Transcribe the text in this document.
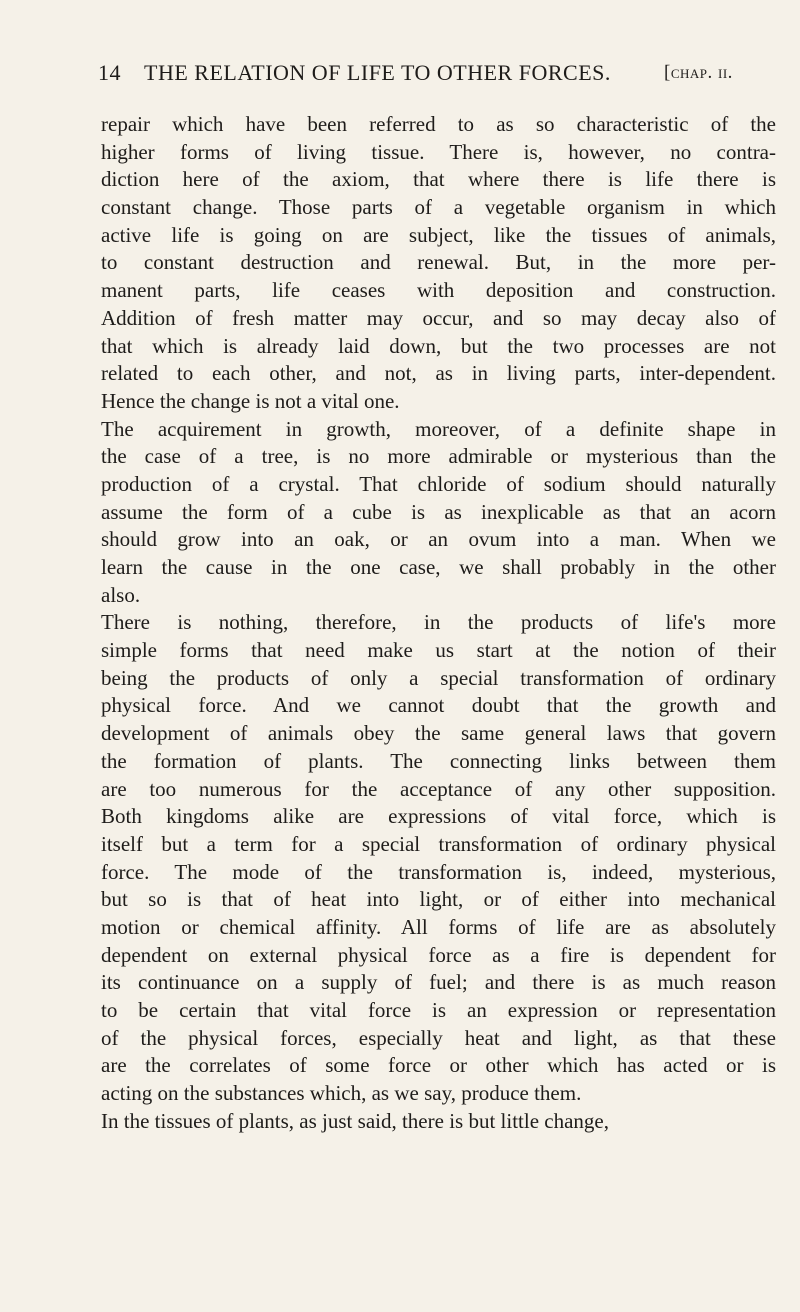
14 THE RELATION OF LIFE TO OTHER FORCES.	[chap. ii.
repair which have been referred to as so characteristic of the
higher forms of living tissue. There is, however, no contra-
diction here of the axiom, that where there is life there is
constant change. Those parts of a vegetable organism in which
active life is going on are subject, like the tissues of animals,
to constant destruction and renewal. But, in the more per-
manent parts, life ceases with deposition and construction.
Addition of fresh matter may occur, and so may decay also of
that which is already laid down, but the two processes are not
related to each other, and not, as in living parts, inter-dependent.
Hence the change is not a vital one.
The acquirement in growth, moreover, of a definite shape in
the case of a tree, is no more admirable or mysterious than the
production of a crystal. That chloride of sodium should naturally
assume the form of a cube is as inexplicable as that an acorn
should grow into an oak, or an ovum into a man. When we
learn the cause in the one case, we shall probably in the other
also.
There is nothing, therefore, in the products of life's more
simple forms that need make us start at the notion of their
being the products of only a special transformation of ordinary
physical force. And we cannot doubt that the growth and
development of animals obey the same general laws that govern
the formation of plants. The connecting links between them
are too numerous for the acceptance of any other supposition.
Both kingdoms alike are expressions of vital force, which is
itself but a term for a special transformation of ordinary physical
force. The mode of the transformation is, indeed, mysterious,
but so is that of heat into light, or of either into mechanical
motion or chemical affinity. All forms of life are as absolutely
dependent on external physical force as a fire is dependent for
its continuance on a supply of fuel; and there is as much reason
to be certain that vital force is an expression or representation
of the physical forces, especially heat and light, as that these
are the correlates of some force or other which has acted or is
acting on the substances which, as we say, produce them.
In the tissues of plants, as just said, there is but little change,
